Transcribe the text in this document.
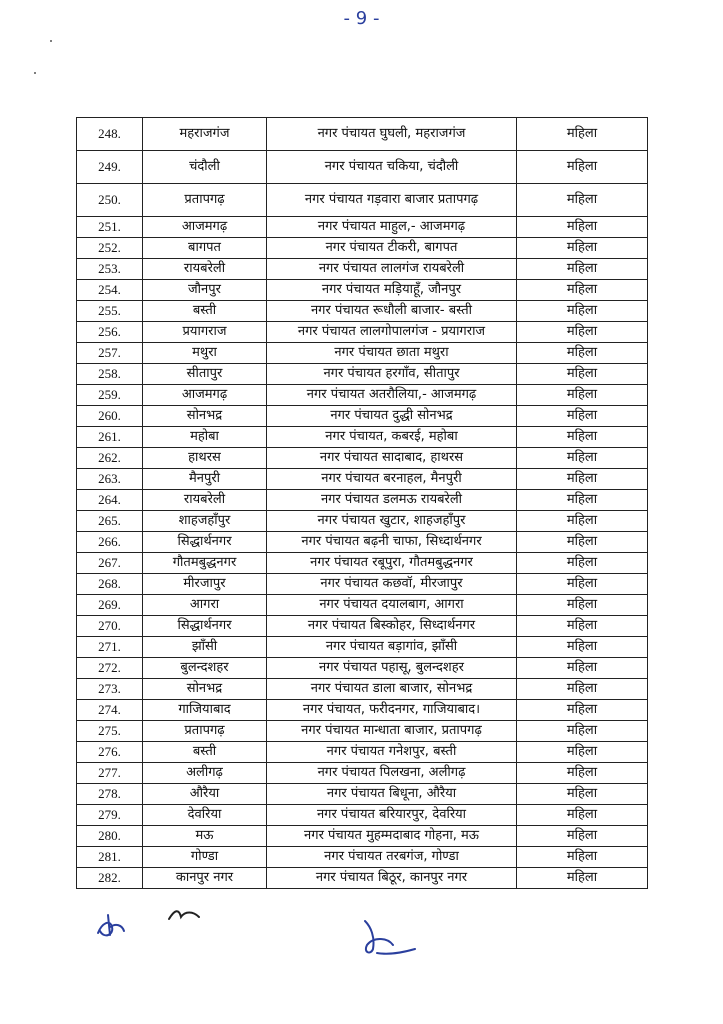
- 9 -
248.	महराजगंज	नगर पंचायत घुघली, महराजगंज	महिला
249.	चंदौली	नगर पंचायत चकिया, चंदौली	महिला
250.	प्रतापगढ़	नगर पंचायत गड़वारा बाजार प्रतापगढ़	महिला
251.	आजमगढ़	नगर पंचायत माहुल,- आजमगढ़	महिला
252.	बागपत	नगर पंचायत टीकरी, बागपत	महिला
253.	रायबरेली	नगर पंचायत लालगंज रायबरेली	महिला
254.	जौनपुर	नगर पंचायत मड़ियाहूँ, जौनपुर	महिला
255.	बस्ती	नगर पंचायत रूधौली बाजार- बस्ती	महिला
256.	प्रयागराज	नगर पंचायत लालगोपालगंज - प्रयागराज	महिला
257.	मथुरा	नगर पंचायत छाता मथुरा	महिला
258.	सीतापुर	नगर पंचायत हरगाँव, सीतापुर	महिला
259.	आजमगढ़	नगर पंचायत अतरौलिया,- आजमगढ़	महिला
260.	सोनभद्र	नगर पंचायत दुद्धी सोनभद्र	महिला
261.	महोबा	नगर पंचायत, कबरई, महोबा	महिला
262.	हाथरस	नगर पंचायत सादाबाद, हाथरस	महिला
263.	मैनपुरी	नगर पंचायत बरनाहल, मैनपुरी	महिला
264.	रायबरेली	नगर पंचायत डलमऊ रायबरेली	महिला
265.	शाहजहाँपुर	नगर पंचायत खुटार, शाहजहाँपुर	महिला
266.	सिद्धार्थनगर	नगर पंचायत बढ़नी चाफा, सिध्दार्थनगर	महिला
267.	गौतमबुद्धनगर	नगर पंचायत रबूपुरा, गौतमबुद्धनगर	महिला
268.	मीरजापुर	नगर पंचायत कछवॉ, मीरजापुर	महिला
269.	आगरा	नगर पंचायत दयालबाग, आगरा	महिला
270.	सिद्धार्थनगर	नगर पंचायत बिस्कोहर, सिध्दार्थनगर	महिला
271.	झाँसी	नगर पंचायत बड़ागांव, झाँसी	महिला
272.	बुलन्दशहर	नगर पंचायत पहासू, बुलन्दशहर	महिला
273.	सोनभद्र	नगर पंचायत डाला बाजार, सोनभद्र	महिला
274.	गाजियाबाद	नगर पंचायत, फरीदनगर, गाजियाबाद।	महिला
275.	प्रतापगढ़	नगर पंचायत मान्धाता बाजार, प्रतापगढ़	महिला
276.	बस्ती	नगर पंचायत गनेशपुर, बस्ती	महिला
277.	अलीगढ़	नगर पंचायत पिलखना, अलीगढ़	महिला
278.	औरैया	नगर पंचायत बिधूना, औरैया	महिला
279.	देवरिया	नगर पंचायत बरियारपुर, देवरिया	महिला
280.	मऊ	नगर पंचायत मुहम्मदाबाद गोहना, मऊ	महिला
281.	गोण्डा	नगर पंचायत तरबगंज, गोण्डा	महिला
282.	कानपुर नगर	नगर पंचायत बिठूर, कानपुर नगर	महिला
